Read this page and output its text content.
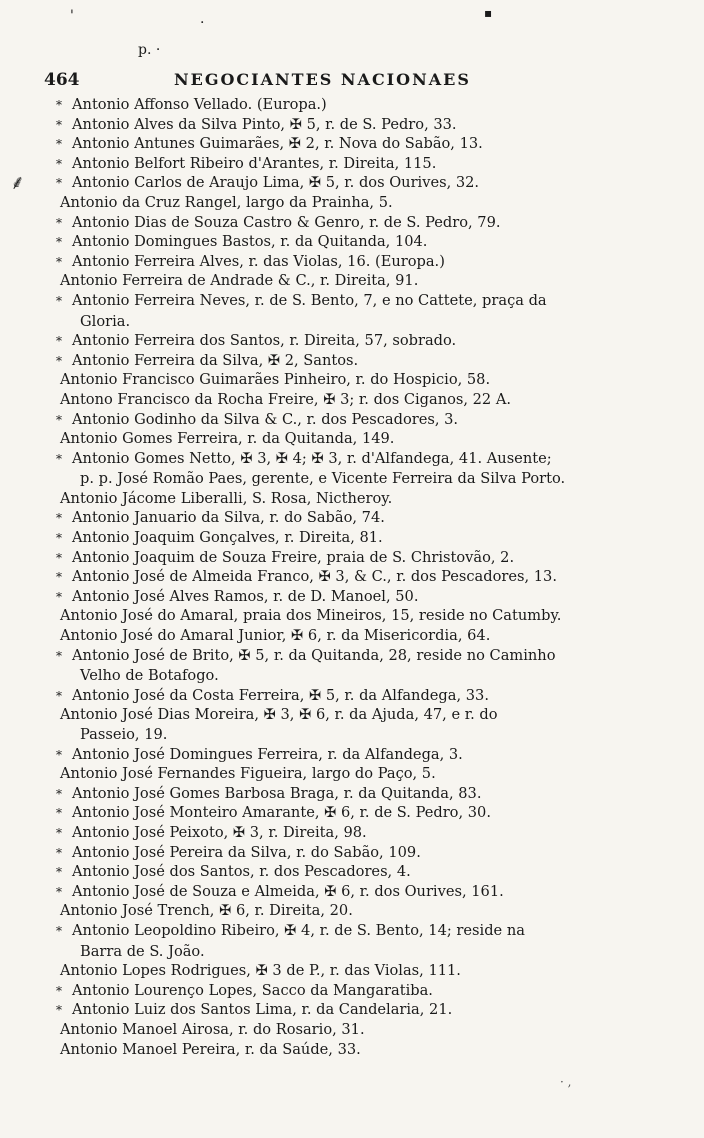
'	·
▪
p. ·
464	NEGOCIANTES NACIONAES
⸙
* Antonio Affonso Vellado. (Europa.)
* Antonio Alves da Silva Pinto, ✠ 5, r. de S. Pedro, 33.
* Antonio Antunes Guimarães, ✠ 2, r. Nova do Sabão, 13.
* Antonio Belfort Ribeiro d'Arantes, r. Direita, 115.
* Antonio Carlos de Araujo Lima, ✠ 5, r. dos Ourives, 32.
Antonio da Cruz Rangel, largo da Prainha, 5.
* Antonio Dias de Souza Castro & Genro, r. de S. Pedro, 79.
* Antonio Domingues Bastos, r. da Quitanda, 104.
* Antonio Ferreira Alves, r. das Violas, 16. (Europa.)
Antonio Ferreira de Andrade & C., r. Direita, 91.
* Antonio Ferreira Neves, r. de S. Bento, 7, e no Cattete, praça da
Gloria.
* Antonio Ferreira dos Santos, r. Direita, 57, sobrado.
* Antonio Ferreira da Silva, ✠ 2, Santos.
Antonio Francisco Guimarães Pinheiro, r. do Hospicio, 58.
Antono Francisco da Rocha Freire, ✠ 3; r. dos Ciganos, 22 A.
* Antonio Godinho da Silva & C., r. dos Pescadores, 3.
Antonio Gomes Ferreira, r. da Quitanda, 149.
* Antonio Gomes Netto, ✠ 3, ✠ 4; ✠ 3, r. d'Alfandega, 41. Ausente;
p. p. José Romão Paes, gerente, e Vicente Ferreira da Silva Porto.
Antonio Jácome Liberalli, S. Rosa, Nictheroy.
* Antonio Januario da Silva, r. do Sabão, 74.
* Antonio Joaquim Gonçalves, r. Direita, 81.
* Antonio Joaquim de Souza Freire, praia de S. Christovão, 2.
* Antonio José de Almeida Franco, ✠ 3, & C., r. dos Pescadores, 13.
* Antonio José Alves Ramos, r. de D. Manoel, 50.
Antonio José do Amaral, praia dos Mineiros, 15, reside no Catumby.
Antonio José do Amaral Junior, ✠ 6, r. da Misericordia, 64.
* Antonio José de Brito, ✠ 5, r. da Quitanda, 28, reside no Caminho
Velho de Botafogo.
* Antonio José da Costa Ferreira, ✠ 5, r. da Alfandega, 33.
Antonio José Dias Moreira, ✠ 3, ✠ 6, r. da Ajuda, 47, e r. do
Passeio, 19.
* Antonio José Domingues Ferreira, r. da Alfandega, 3.
Antonio José Fernandes Figueira, largo do Paço, 5.
* Antonio José Gomes Barbosa Braga, r. da Quitanda, 83.
* Antonio José Monteiro Amarante, ✠ 6, r. de S. Pedro, 30.
* Antonio José Peixoto, ✠ 3, r. Direita, 98.
* Antonio José Pereira da Silva, r. do Sabão, 109.
* Antonio José dos Santos, r. dos Pescadores, 4.
* Antonio José de Souza e Almeida, ✠ 6, r. dos Ourives, 161.
Antonio José Trench, ✠ 6, r. Direita, 20.
* Antonio Leopoldino Ribeiro, ✠ 4, r. de S. Bento, 14; reside na
Barra de S. João.
Antonio Lopes Rodrigues, ✠ 3 de P., r. das Violas, 111.
* Antonio Lourenço Lopes, Sacco da Mangaratiba.
* Antonio Luiz dos Santos Lima, r. da Candelaria, 21.
Antonio Manoel Airosa, r. do Rosario, 31.
Antonio Manoel Pereira, r. da Saúde, 33.
· ,
